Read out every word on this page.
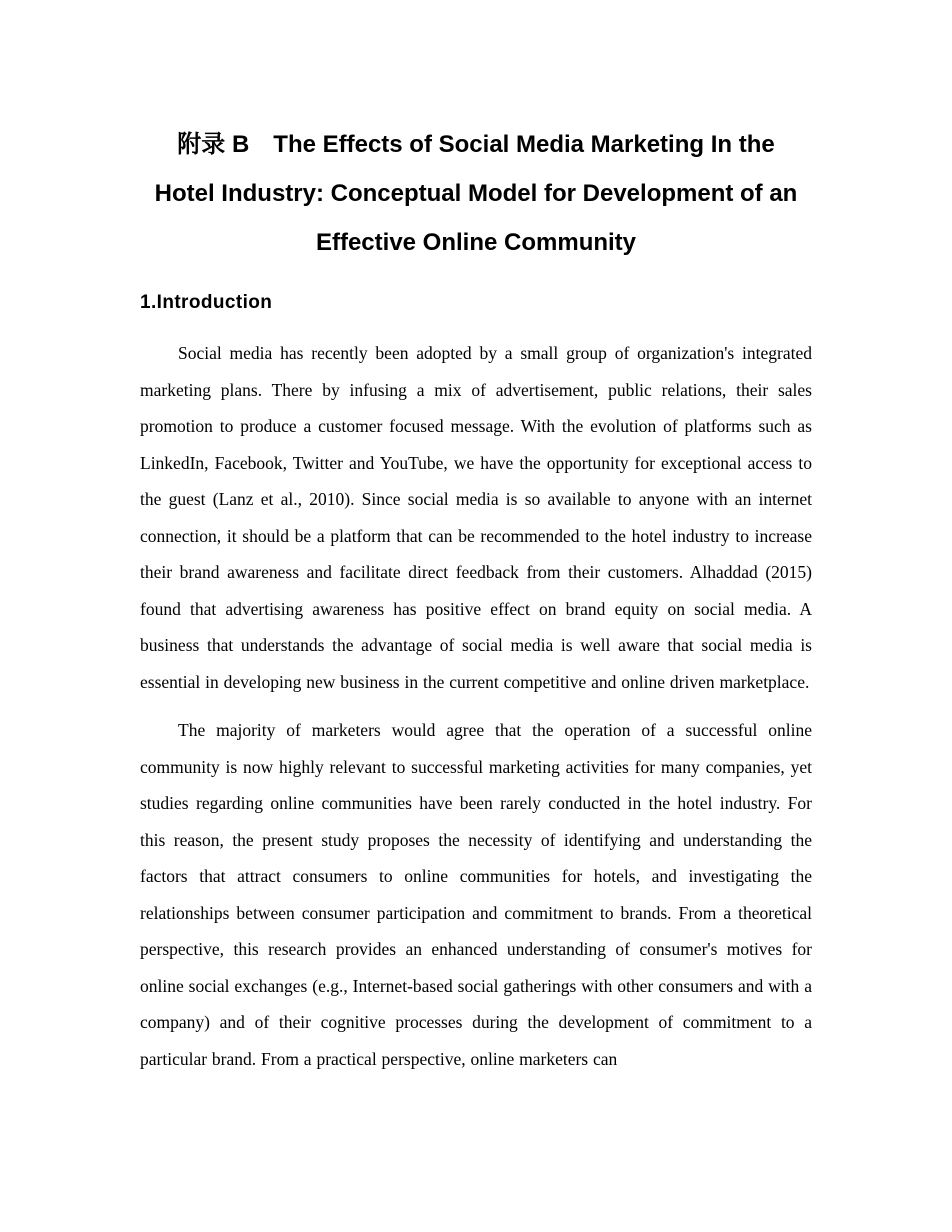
附录 B　The Effects of Social Media Marketing In the Hotel Industry: Conceptual Model for Development of an Effective Online Community
1.Introduction

Social media has recently been adopted by a small group of organization's integrated marketing plans. There by infusing a mix of advertisement, public relations, their sales promotion to produce a customer focused message. With the evolution of platforms such as LinkedIn, Facebook, Twitter and YouTube, we have the opportunity for exceptional access to the guest (Lanz et al., 2010). Since social media is so available to anyone with an internet connection, it should be a platform that can be recommended to the hotel industry to increase their brand awareness and facilitate direct feedback from their customers. Alhaddad (2015) found that advertising awareness has positive effect on brand equity on social media. A business that understands the advantage of social media is well aware that social media is essential in developing new business in the current competitive and online driven marketplace.

The majority of marketers would agree that the operation of a successful online community is now highly relevant to successful marketing activities for many companies, yet studies regarding online communities have been rarely conducted in the hotel industry. For this reason, the present study proposes the necessity of identifying and understanding the factors that attract consumers to online communities for hotels, and investigating the relationships between consumer participation and commitment to brands. From a theoretical perspective, this research provides an enhanced understanding of consumer's motives for online social exchanges (e.g., Internet-based social gatherings with other consumers and with a company) and of their cognitive processes during the development of commitment to a particular brand. From a practical perspective, online marketers can
